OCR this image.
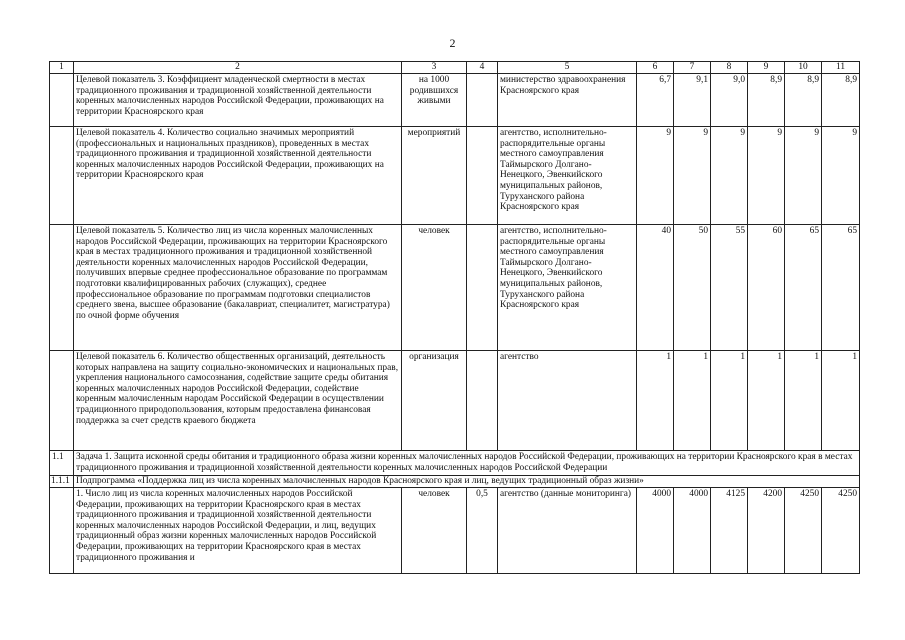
2
1	2	3	4	5	6	7	8	9	10	11
	Целевой показатель 3. Коэффициент младенческой смертности в местах традиционного проживания и традиционной хозяйственной деятельности коренных малочисленных народов Российской Федерации, проживающих на территории Красноярского края	на 1000 родившихся живыми		министерство здравоохранения Красноярского края	6,7	9,1	9,0	8,9	8,9	8,9
	Целевой показатель 4. Количество социально значимых мероприятий (профессиональных и национальных праздников), проведенных в местах традиционного проживания и традиционной хозяйственной деятельности коренных малочисленных народов Российской Федерации, проживающих на территории Красноярского края	мероприятий		агентство, исполнительно-распорядительные органы местного самоуправления Таймырского Долгано-Ненецкого, Эвенкийского муниципальных районов, Туруханского района Красноярского края	9	9	9	9	9	9
	Целевой показатель 5. Количество лиц из числа коренных малочисленных народов Российской Федерации, проживающих на территории Красноярского края в местах традиционного проживания и традиционной хозяйственной деятельности коренных малочисленных народов Российской Федерации, получивших впервые среднее профессиональное образование по программам подготовки квалифицированных рабочих (служащих), среднее профессиональное образование по программам подготовки специалистов среднего звена, высшее образование (бакалавриат, специалитет, магистратура) по очной форме обучения	человек		агентство, исполнительно-распорядительные органы местного самоуправления Таймырского Долгано-Ненецкого, Эвенкийского муниципальных районов, Туруханского района Красноярского края	40	50	55	60	65	65
	Целевой показатель 6. Количество общественных организаций, деятельность которых направлена на защиту социально-экономических и национальных прав, укрепления национального самосознания, содействие защите среды обитания коренных малочисленных народов Российской Федерации, содействие коренным малочисленным народам Российской Федерации в осуществлении традиционного природопользования, которым предоставлена финансовая поддержка за счет средств краевого бюджета	организация		агентство	1	1	1	1	1	1
1.1	Задача 1. Защита исконной среды обитания и традиционного образа жизни коренных малочисленных народов Российской Федерации, проживающих на территории Красноярского края в местах традиционного проживания и традиционной хозяйственной деятельности коренных малочисленных народов Российской Федерации									
1.1.1	Подпрограмма «Поддержка лиц из числа коренных малочисленных народов Красноярского края и лиц, ведущих традиционный образ жизни»									
	1. Число лиц из числа коренных малочисленных народов Российской Федерации, проживающих на территории Красноярского края в местах традиционного проживания и традиционной хозяйственной деятельности коренных малочисленных народов Российской Федерации, и лиц, ведущих традиционный образ жизни коренных малочисленных народов Российской Федерации, проживающих на территории Красноярского края в местах традиционного проживания и	человек	0,5	агентство (данные мониторинга)	4000	4000	4125	4200	4250	4250
